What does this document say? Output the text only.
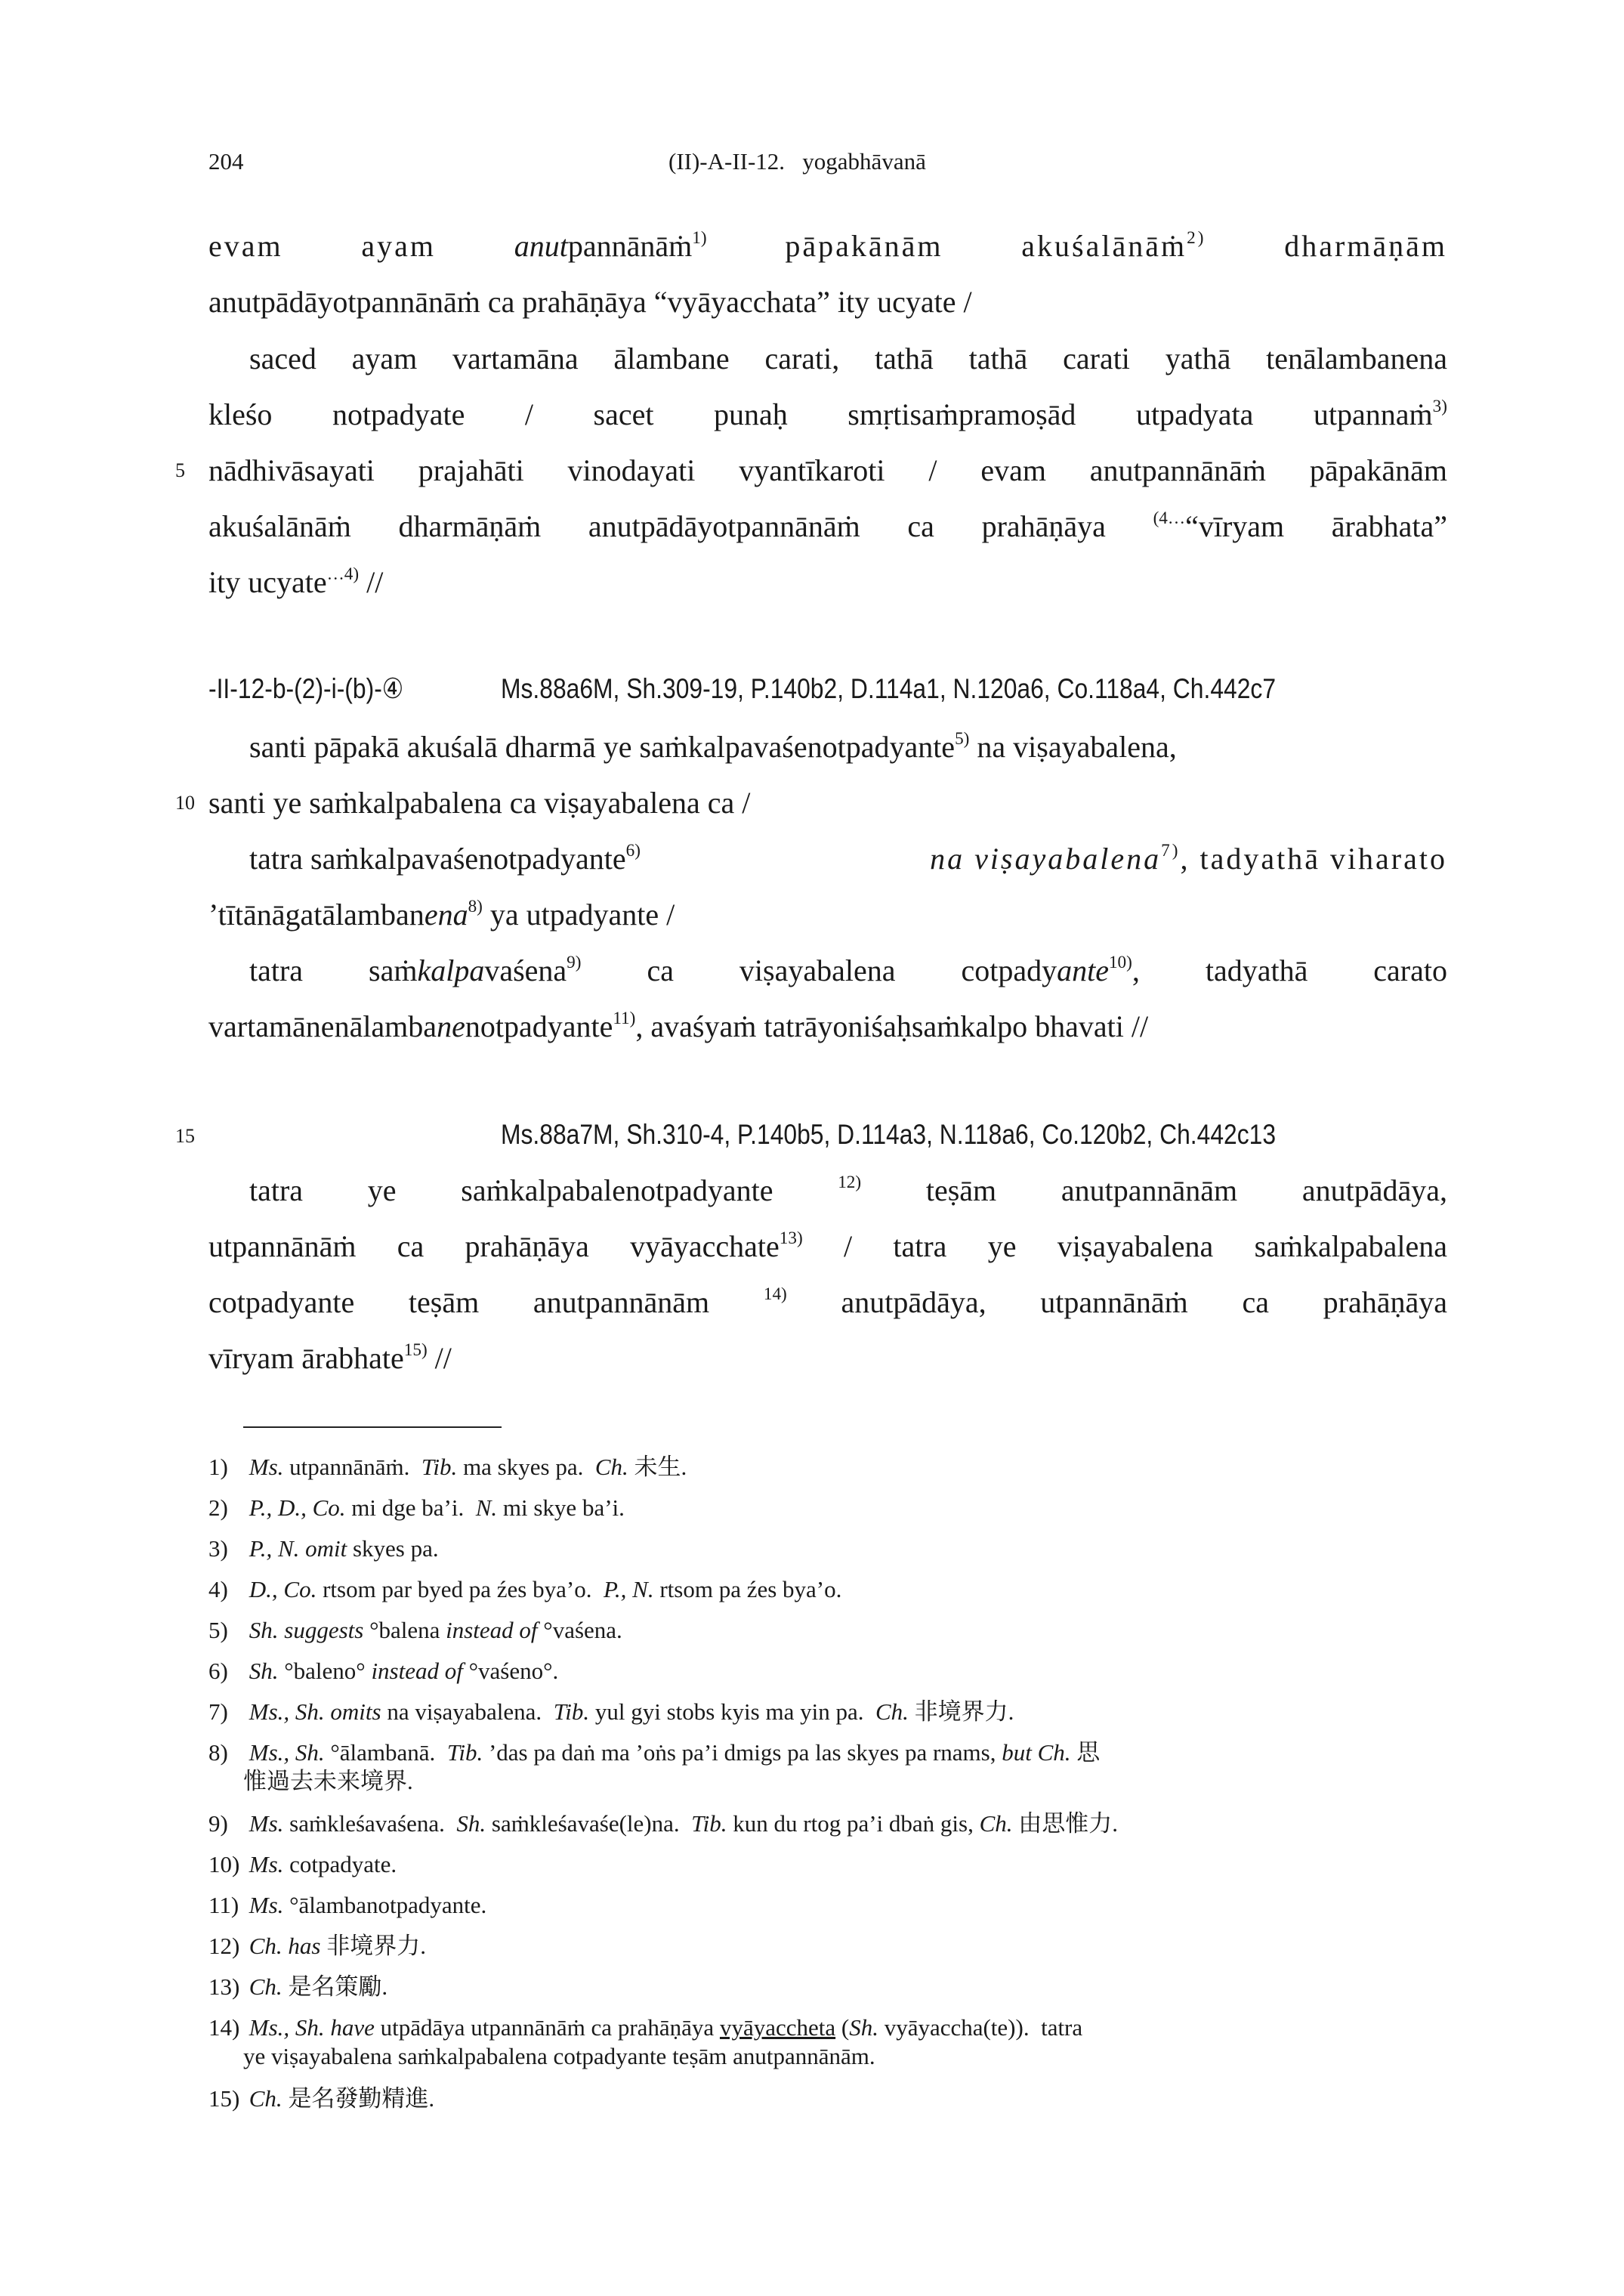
204	(II)-A-II-12.   yogabhāvanā
evam	ayam	anutpannānāṁ$^{1)}$	pāpakānām	akuśalānāṁ$^{2)}$	dharmāṇām
anutpādāyotpannānāṁ ca prahāṇāya “vyāyacchata” ity ucyate /
saced ayam vartamāna ālambane carati, tathā tathā carati yathā tenālambanena
kleśo notpadyate / sacet punaḥ smṛtisaṁpramoṣād utpadyata utpannaṁ$^{3)}$
5 nādhivāsayati prajahāti vinodayati vyantīkaroti / evam anutpannānāṁ pāpakānām
akuśalānāṁ dharmāṇāṁ anutpādāyotpannānāṁ ca prahāṇāya	$^{(4\dots}$“vīryam ārabhata”
ity ucyate$^{\dots 4)}$ //
-II-12-b-(2)-i-(b)-④	Ms.88a6M, Sh.309-19, P.140b2, D.114a1, N.120a6, Co.118a4, Ch.442c7
santi pāpakā akuśalā dharmā ye saṁkalpavaśenotpadyante$^{5)}$ na viṣayabalena,
10 santi ye saṁkalpabalena ca viṣayabalena ca /
tatra saṁkalpavaśenotpadyante$^{6)}$	na viṣayabalena$^{7)}$, tadyathā viharato
’tītānāgatālambanena$^{8)}$ ya utpadyante /
tatra saṁkalpavaśena$^{9)}$ ca viṣayabalena cotpadyante$^{10)}$, tadyathā carato
vartamānenālambanenotpadyante$^{11)}$, avaśyaṁ tatrāyoniśaḥsaṁkalpo bhavati //
15	Ms.88a7M, Sh.310-4, P.140b5, D.114a3, N.118a6, Co.120b2, Ch.442c13
tatra ye saṁkalpabalenotpadyante $^{12)}$ teṣām anutpannānām anutpādāya,
utpannānāṁ ca prahāṇāya vyāyacchate$^{13)}$ / tatra ye viṣayabalena saṁkalpabalena
cotpadyante teṣām anutpannānām $^{14)}$ anutpādāya, utpannānāṁ ca prahāṇāya
vīryam ārabhate$^{15)}$ //
1) Ms. utpannānāṁ.  Tib. ma skyes pa.  Ch. 未生.
2) P., D., Co. mi dge ba’i.  N. mi skye ba’i.
3) P., N. omit skyes pa.
4) D., Co. rtsom par byed pa źes bya’o.  P., N. rtsom pa źes bya’o.
5) Sh. suggests °balena instead of °vaśena.
6) Sh. °baleno° instead of °vaśeno°.
7) Ms., Sh. omits na viṣayabalena.  Tib. yul gyi stobs kyis ma yin pa.  Ch. 非境界力.
8) Ms., Sh. °ālambanā.  Tib. ’das pa daṅ ma ’oṅs pa’i dmigs pa las skyes pa rnams, but Ch. 思
惟過去未来境界.
9) Ms. saṁkleśavaśena.  Sh. saṁkleśavaśe(le)na.  Tib. kun du rtog pa’i dbaṅ gis, Ch. 由思惟力.
10) Ms. cotpadyate.
11) Ms. °ālambanotpadyante.
12) Ch. has 非境界力.
13) Ch. 是名策勵.
14) Ms., Sh. have utpādāya utpannānāṁ ca prahāṇāya vyāyaccheta (Sh. vyāyaccha(te)).  tatra
ye viṣayabalena saṁkalpabalena cotpadyante teṣām anutpannānām.
15) Ch. 是名發勤精進.
